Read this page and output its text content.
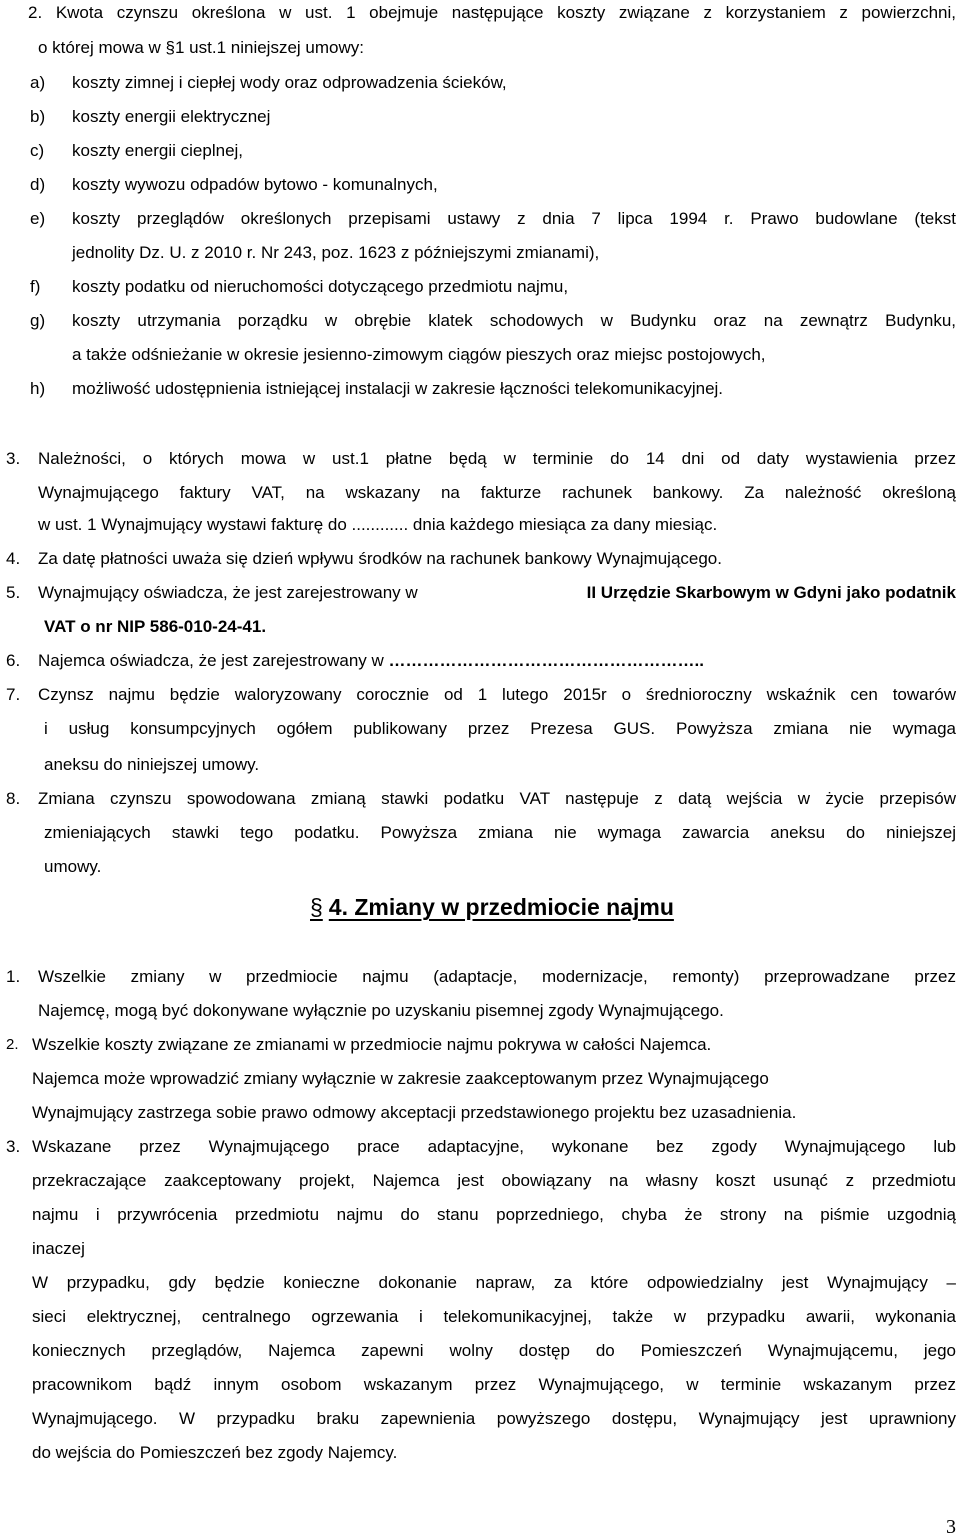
2. Kwota czynszu określona w ust. 1 obejmuje następujące koszty związane z korzystaniem z powierzchni,
o której mowa w §1 ust.1 niniejszej umowy:
a) koszty zimnej i ciepłej wody oraz odprowadzenia ścieków,
b) koszty energii elektrycznej
c) koszty energii cieplnej,
d) koszty wywozu odpadów bytowo - komunalnych,
e) koszty przeglądów określonych przepisami ustawy z dnia 7 lipca 1994 r. Prawo budowlane (tekst
jednolity Dz. U. z 2010 r. Nr 243, poz. 1623 z późniejszymi zmianami),
f) koszty podatku od nieruchomości dotyczącego przedmiotu najmu,
g) koszty utrzymania porządku w obrębie klatek schodowych w Budynku oraz na zewnątrz Budynku,
a także odśnieżanie w okresie jesienno-zimowym ciągów pieszych oraz miejsc postojowych,
h) możliwość udostępnienia istniejącej instalacji w zakresie łączności telekomunikacyjnej.
3. Należności, o których mowa w ust.1 płatne będą w terminie do 14 dni od daty wystawienia przez
Wynajmującego faktury VAT, na wskazany na fakturze rachunek bankowy. Za należność określoną
w ust. 1 Wynajmujący wystawi fakturę do ............ dnia każdego miesiąca za dany miesiąc.
4. Za datę płatności uważa się dzień wpływu środków na rachunek bankowy Wynajmującego.
5. Wynajmujący oświadcza, że jest zarejestrowany w	II Urzędzie Skarbowym w Gdyni jako podatnik
VAT o nr NIP 586-010-24-41.
6. Najemca oświadcza, że jest zarejestrowany w ………………………………………………..
7. Czynsz najmu będzie waloryzowany corocznie od 1 lutego 2015r o średnioroczny wskaźnik cen towarów
i usług konsumpcyjnych ogółem publikowany przez Prezesa GUS. Powyższa zmiana nie wymaga
aneksu do niniejszej umowy.
8. Zmiana czynszu spowodowana zmianą stawki podatku VAT następuje z datą wejścia w życie przepisów
zmieniających stawki tego podatku. Powyższa zmiana nie wymaga zawarcia aneksu do niniejszej
umowy.
§ 4. Zmiany w przedmiocie najmu
1. Wszelkie zmiany w przedmiocie najmu (adaptacje, modernizacje, remonty) przeprowadzane przez
Najemcę, mogą być dokonywane wyłącznie po uzyskaniu pisemnej zgody Wynajmującego.
2. Wszelkie koszty związane ze zmianami w przedmiocie najmu pokrywa w całości Najemca.
Najemca może wprowadzić zmiany wyłącznie w zakresie zaakceptowanym przez Wynajmującego
Wynajmujący zastrzega sobie prawo odmowy akceptacji przedstawionego projektu bez uzasadnienia.
3. Wskazane przez Wynajmującego prace adaptacyjne, wykonane bez zgody Wynajmującego lub
przekraczające zaakceptowany projekt, Najemca jest obowiązany na własny koszt usunąć z przedmiotu
najmu i przywrócenia przedmiotu najmu do stanu poprzedniego, chyba że strony na piśmie uzgodnią
inaczej
W przypadku, gdy będzie konieczne dokonanie napraw, za które odpowiedzialny jest Wynajmujący –
sieci elektrycznej, centralnego ogrzewania i telekomunikacyjnej, także w przypadku awarii, wykonania
koniecznych przeglądów, Najemca zapewni wolny dostęp do Pomieszczeń Wynajmującemu, jego
pracownikom bądź innym osobom wskazanym przez Wynajmującego, w terminie wskazanym przez
Wynajmującego. W przypadku braku zapewnienia powyższego dostępu, Wynajmujący jest uprawniony
do wejścia do Pomieszczeń bez zgody Najemcy.
3
